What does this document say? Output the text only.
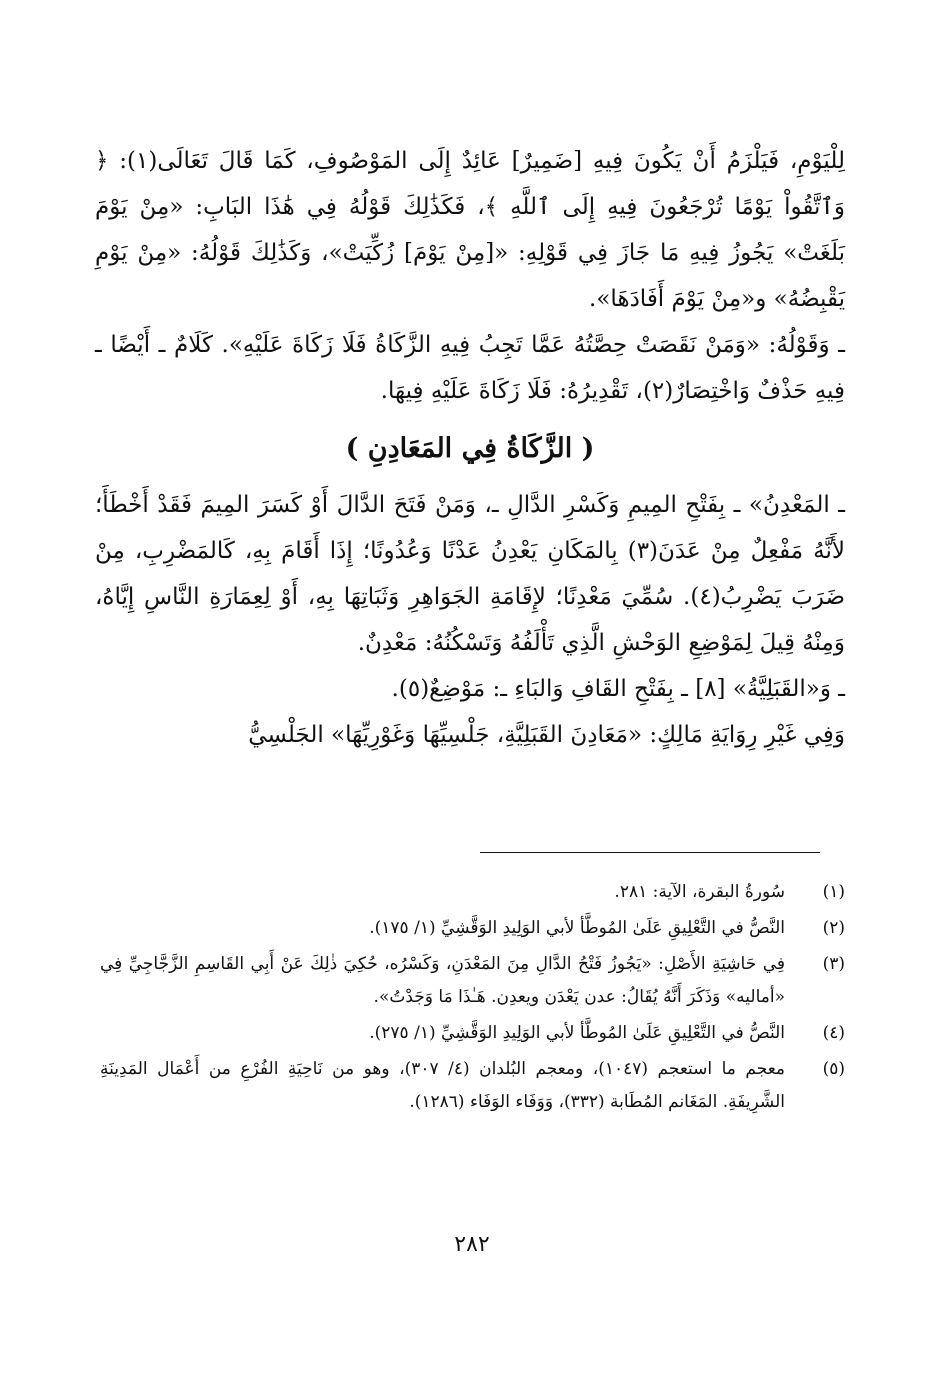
لِلْيَوْمِ، فَيَلْزَمُ أَنْ يَكُونَ فِيهِ [ضَمِيرٌ] عَائِدٌ إِلَى المَوْصُوفِ، كَمَا قَالَ تَعَالَى(١): ﴿ وَٱتَّقُواْ يَوْمًا تُرْجَعُونَ فِيهِ إِلَى ٱللَّهِ ﴾، فَكَذَٰلِكَ قَوْلُهُ فِي هَٰذَا البَابِ: «مِنْ يَوْمَ بَلَغَتْ» يَجُوزُ فِيهِ مَا جَازَ فِي قَوْلِهِ: «[مِنْ يَوْمَ] زُكِّيَتْ»، وَكَذَٰلِكَ قَوْلُهُ: «مِنْ يَوْمِ يَقْبِضُهُ» و«مِنْ يَوْمَ أَفَادَهَا».

ـ وَقَوْلُهُ: «وَمَنْ نَقَصَتْ حِصَّتُهُ عَمَّا تَجِبُ فِيهِ الزَّكَاةُ فَلَا زَكَاةَ عَلَيْهِ». كَلَامٌ ـ أَيْضًا ـ فِيهِ حَذْفٌ وَاخْتِصَارٌ(٢)، تَقْدِيرُهُ: فَلَا زَكَاةَ عَلَيْهِ فِيهَا.

( الزَّكَاةُ فِي المَعَادِنِ )

ـ المَعْدِنُ» ـ بِفَتْحِ المِيمِ وَكَسْرِ الدَّالِ ـ، وَمَنْ فَتَحَ الدَّالَ أَوْ كَسَرَ المِيمَ فَقَدْ أَخْطَأَ؛ لأَنَّهُ مَفْعِلٌ مِنْ عَدَنَ(٣) بِالمَكَانِ يَعْدِنُ عَدْنًا وَعُدُونًا؛ إِذَا أَقَامَ بِهِ، كَالمَضْرِبِ، مِنْ ضَرَبَ يَضْرِبُ(٤). سُمِّيَ مَعْدِنًا؛ لإِقَامَةِ الجَوَاهِرِ وَثَبَاتِهَا بِهِ، أَوْ لِعِمَارَةِ النَّاسِ إِيَّاهُ، وَمِنْهُ قِيلَ لِمَوْضِعِ الوَحْشِ الَّذِي تَأْلَفُهُ وَتَسْكُنُهُ: مَعْدِنٌ.

ـ وَ«القَبَلِيَّةُ» [٨] ـ بِفَتْحِ القَافِ وَالبَاءِ ـ: مَوْضِعٌ(٥).

وَفِي غَيْرِ رِوَايَةِ مَالِكٍ: «مَعَادِنَ القَبَلِيَّةِ، جَلْسِيِّهَا وَغَوْرِيِّهَا» الجَلْسِيُّ

(١)
سُورةُ البقرة، الآية: ٢٨١.
(٢)
النَّصُّ في التَّعْلِيقِ عَلَىٰ المُوطَّأ لأبي الوَلِيدِ الوَقَّشِيِّ (١/ ١٧٥).
(٣)
فِي حَاشِيَةِ الأَصْلِ: «يَجُوزُ فَتْحُ الدَّالِ مِنَ المَعْدَنِ، وَكَسْرُه، حُكِيَ ذٰلِكَ عَنْ أَبِي القَاسِمِ الزَّجَّاجِيِّ فِي «أماليه» وَذَكَرَ أَنَّهُ يُقَالُ: عدن يَعْدَن ويعدِن. هَـٰذَا مَا وَجَدْتُ».
(٤)
النَّصُّ في التَّعْلِيقِ عَلَىٰ المُوطَّأ لأبي الوَلِيدِ الوَقَّشِيِّ (١/ ٢٧٥).
(٥)
معجم ما استعجم (١٠٤٧)، ومعجم البُلدان (٤/ ٣٠٧)، وهو من نَاحِيَةِ الفُرْعِ من أَعْمَال المَدِينَةِ الشَّرِيفَةِ. المَغَانم المُطَابة (٣٣٢)، وَوَفَاء الوَفَاء (١٢٨٦).
٢٨٢
